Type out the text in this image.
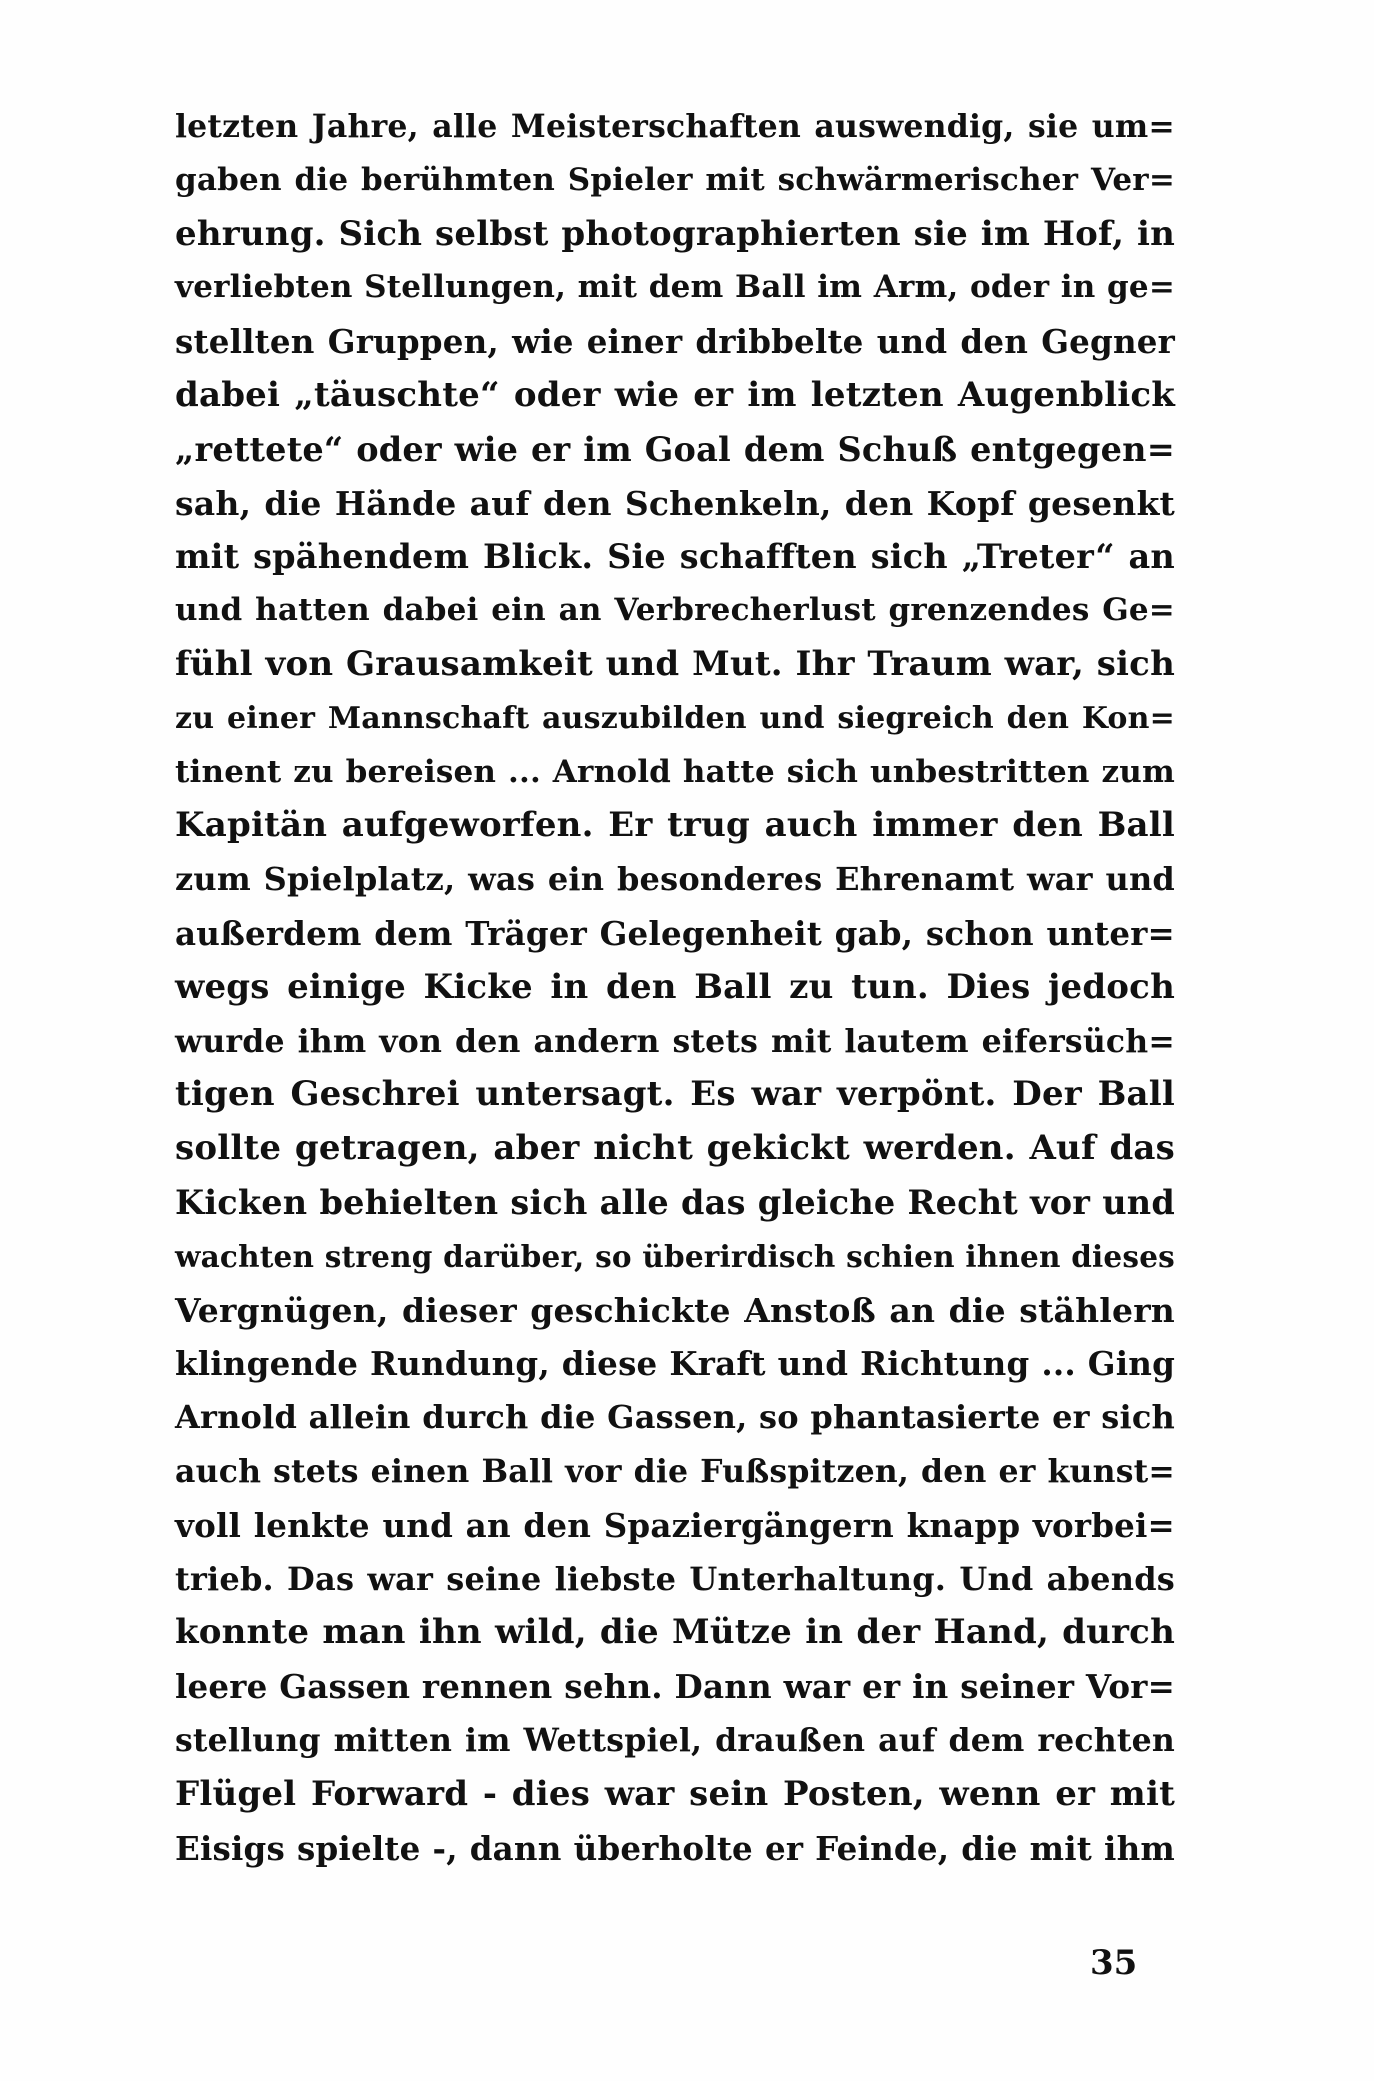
letzten Jahre, alle Meisterschaften auswendig, sie um=
gaben die berühmten Spieler mit schwärmerischer Ver=
ehrung. Sich selbst photographierten sie im Hof, in
verliebten Stellungen, mit dem Ball im Arm, oder in ge=
stellten Gruppen, wie einer dribbelte und den Gegner
dabei „täuschte“ oder wie er im letzten Augenblick
„rettete“ oder wie er im Goal dem Schuß entgegen=
sah, die Hände auf den Schenkeln, den Kopf gesenkt
mit spähendem Blick. Sie schafften sich „Treter“ an
und hatten dabei ein an Verbrecherlust grenzendes Ge=
fühl von Grausamkeit und Mut. Ihr Traum war, sich
zu einer Mannschaft auszubilden und siegreich den Kon=
tinent zu bereisen ... Arnold hatte sich unbestritten zum
Kapitän aufgeworfen. Er trug auch immer den Ball
zum Spielplatz, was ein besonderes Ehrenamt war und
außerdem dem Träger Gelegenheit gab, schon unter=
wegs einige Kicke in den Ball zu tun. Dies jedoch
wurde ihm von den andern stets mit lautem eifersüch=
tigen Geschrei untersagt. Es war verpönt. Der Ball
sollte getragen, aber nicht gekickt werden. Auf das
Kicken behielten sich alle das gleiche Recht vor und
wachten streng darüber, so überirdisch schien ihnen dieses
Vergnügen, dieser geschickte Anstoß an die stählern
klingende Rundung, diese Kraft und Richtung ... Ging
Arnold allein durch die Gassen, so phantasierte er sich
auch stets einen Ball vor die Fußspitzen, den er kunst=
voll lenkte und an den Spaziergängern knapp vorbei=
trieb. Das war seine liebste Unterhaltung. Und abends
konnte man ihn wild, die Mütze in der Hand, durch
leere Gassen rennen sehn. Dann war er in seiner Vor=
stellung mitten im Wettspiel, draußen auf dem rechten
Flügel Forward - dies war sein Posten, wenn er mit
Eisigs spielte -, dann überholte er Feinde, die mit ihm
35
